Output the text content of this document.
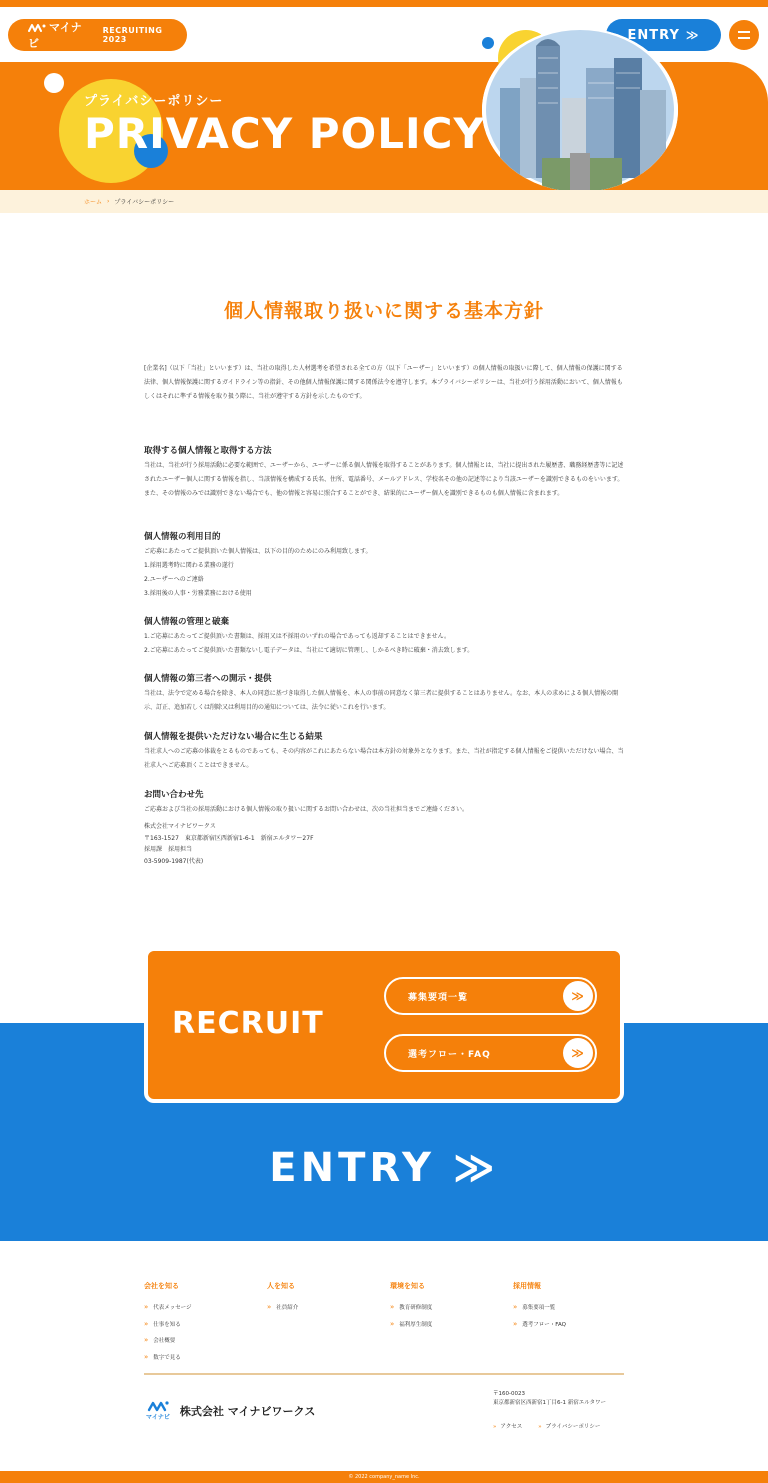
マイナビ
RECRUITING 2023	ENTRY ≫
プライバシーポリシー
PRIVACY POLICY
ホーム › プライバシーポリシー
個人情報取り扱いに関する基本方針

[企業名]（以下「当社」といいます）は、当社の取得した人材選考を希望される全ての方（以下「ユーザー」といいます）の個人情報の取扱いに際して、個人情報の保護に関する法律、個人情報保護に関するガイドライン等の指針、その他個人情報保護に関する関係法令を遵守します。本プライバシーポリシーは、当社が行う採用活動において、個人情報もしくはそれに準ずる情報を取り扱う際に、当社が遵守する方針を示したものです。

取得する個人情報と取得する方法

当社は、当社が行う採用活動に必要な範囲で、ユーザーから、ユーザーに係る個人情報を取得することがあります。個人情報とは、当社に提出された履歴書、職務経歴書等に記述されたユーザー個人に関する情報を指し、当該情報を構成する氏名、住所、電話番号、メールアドレス、学校名その他の記述等により当該ユーザーを識別できるものをいいます。また、その情報のみでは識別できない場合でも、他の情報と容易に照合することができ、結果的にユーザー個人を識別できるものも個人情報に含まれます。

個人情報の利用目的

ご応募にあたってご提供頂いた個人情報は、以下の目的のためにのみ利用致します。

1.採用選考時に関わる業務の遂行

2.ユーザーへのご連絡

3.採用後の人事・労務業務における使用

個人情報の管理と破棄

1.ご応募にあたってご提供頂いた書類は、採用又は不採用のいずれの場合であっても返却することはできません。

2.ご応募にあたってご提供頂いた書類ないし電子データは、当社にて適切に管理し、しかるべき時に破棄・消去致します。

個人情報の第三者への開示・提供

当社は、法令で定める場合を除き、本人の同意に基づき取得した個人情報を、本人の事前の同意なく第三者に提供することはありません。なお、本人の求めによる個人情報の開示、訂正、追加若しくは削除又は利用目的の通知については、法令に従いこれを行います。

個人情報を提供いただけない場合に生じる結果

当社求人へのご応募の体裁をとるものであっても、その内容がこれにあたらない場合は本方針の対象外となります。また、当社が指定する個人情報をご提供いただけない場合、当社求人へご応募頂くことはできません。

お問い合わせ先

ご応募および当社の採用活動における個人情報の取り扱いに関するお問い合わせは、次の当社担当までご連絡ください。

株式会社マイナビワークス

〒163-1527　東京都新宿区西新宿1-6-1　新宿エルタワー27F

採用課　採用担当

03-5909-1987(代表)

RECRUIT
募集要項一覧	≫
選考フロー・FAQ	≫
ENTRY ≫
会社を知る
» 代表メッセージ
» 仕事を知る
» 会社概要
» 数字で見る
人を知る
» 社員紹介
環境を知る
» 教育研修制度
» 福利厚生制度
採用情報
» 募集要項一覧
» 選考フロー・FAQ
マイナビ 株式会社 マイナビワークス
〒160-0023
東京都新宿区西新宿1丁目6-1 新宿エルタワー
» アクセス	» プライバシーポリシー
© 2022 company_name Inc.
